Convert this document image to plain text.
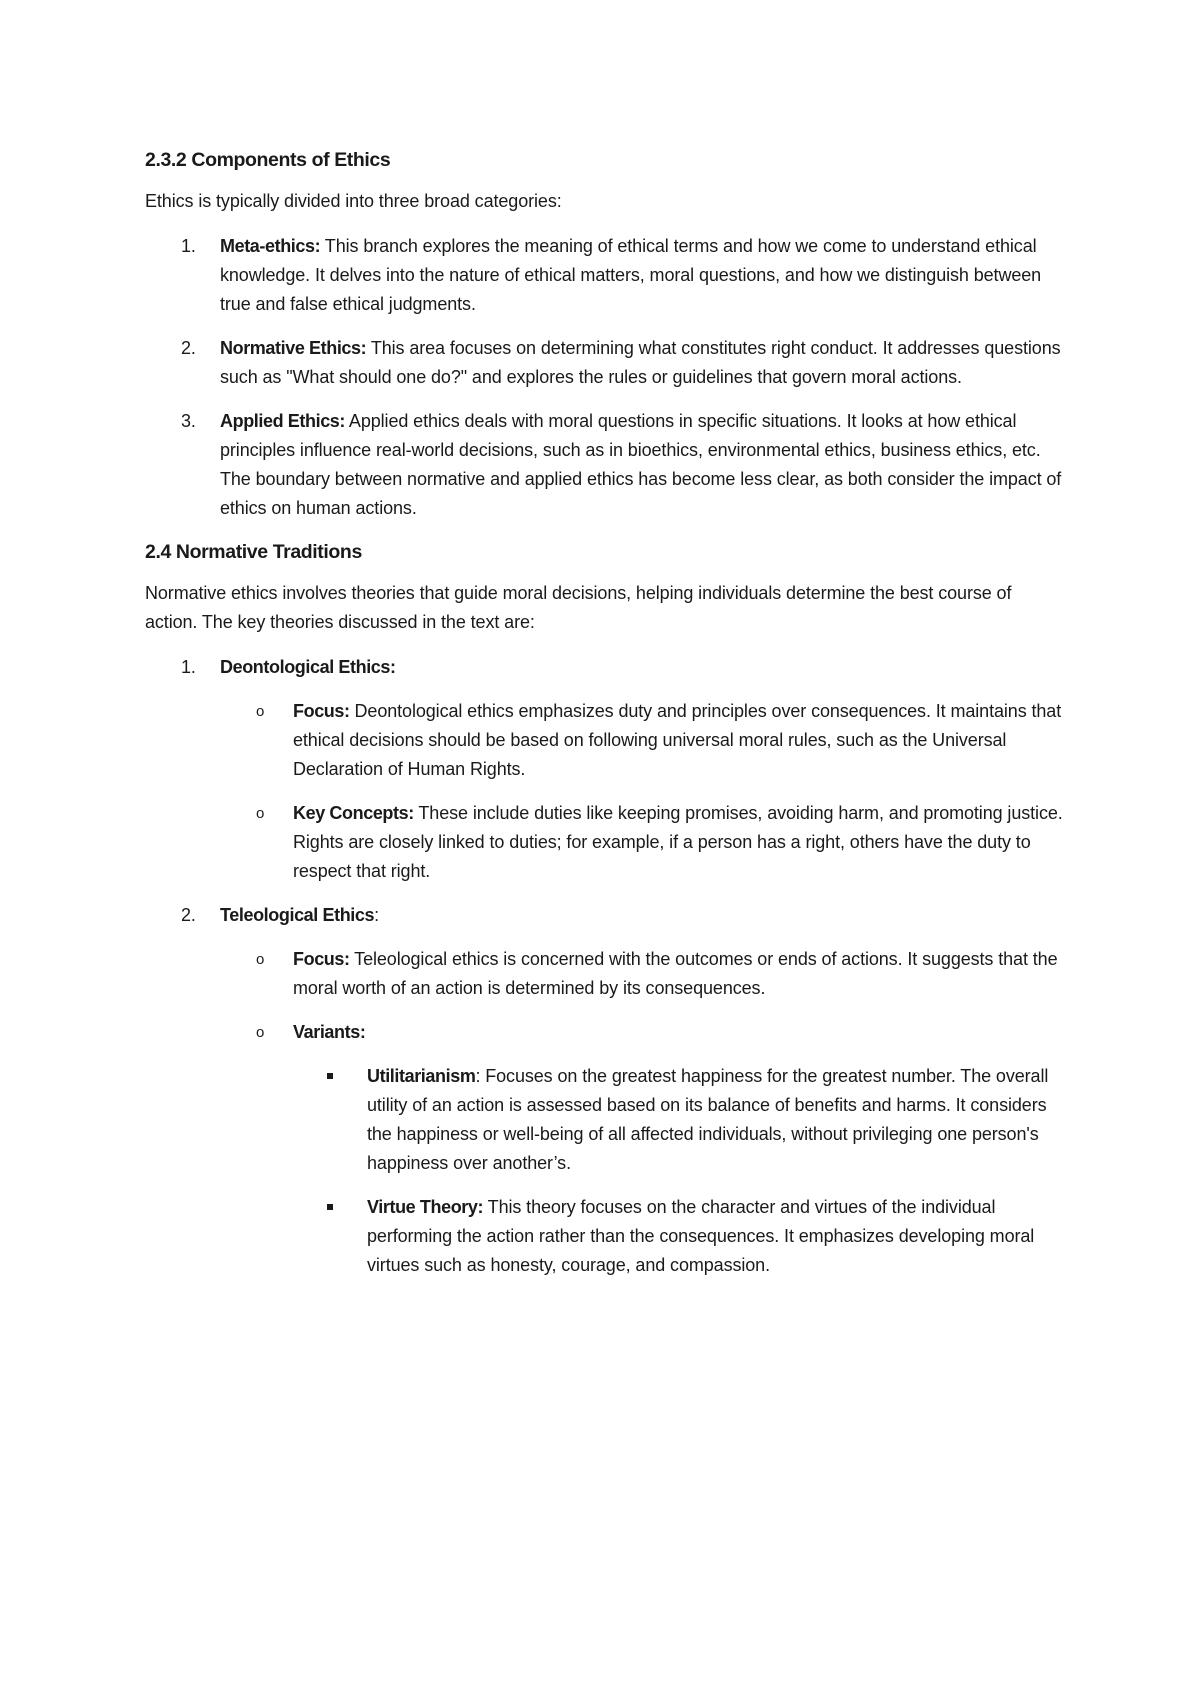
2.3.2 Components of Ethics

Ethics is typically divided into three broad categories:

1. Meta-ethics: This branch explores the meaning of ethical terms and how we come to understand ethical knowledge. It delves into the nature of ethical matters, moral questions, and how we distinguish between true and false ethical judgments.
2. Normative Ethics: This area focuses on determining what constitutes right conduct. It addresses questions such as "What should one do?" and explores the rules or guidelines that govern moral actions.
3. Applied Ethics: Applied ethics deals with moral questions in specific situations. It looks at how ethical principles influence real-world decisions, such as in bioethics, environmental ethics, business ethics, etc. The boundary between normative and applied ethics has become less clear, as both consider the impact of ethics on human actions.
2.4 Normative Traditions

Normative ethics involves theories that guide moral decisions, helping individuals determine the best course of action. The key theories discussed in the text are:

1. Deontological Ethics:
o Focus: Deontological ethics emphasizes duty and principles over consequences. It maintains that ethical decisions should be based on following universal moral rules, such as the Universal Declaration of Human Rights.
o Key Concepts: These include duties like keeping promises, avoiding harm, and promoting justice. Rights are closely linked to duties; for example, if a person has a right, others have the duty to respect that right.
2. Teleological Ethics:
o Focus: Teleological ethics is concerned with the outcomes or ends of actions. It suggests that the moral worth of an action is determined by its consequences.
o Variants:
Utilitarianism: Focuses on the greatest happiness for the greatest number. The overall utility of an action is assessed based on its balance of benefits and harms. It considers the happiness or well-being of all affected individuals, without privileging one person's happiness over another’s.
Virtue Theory: This theory focuses on the character and virtues of the individual performing the action rather than the consequences. It emphasizes developing moral virtues such as honesty, courage, and compassion.
